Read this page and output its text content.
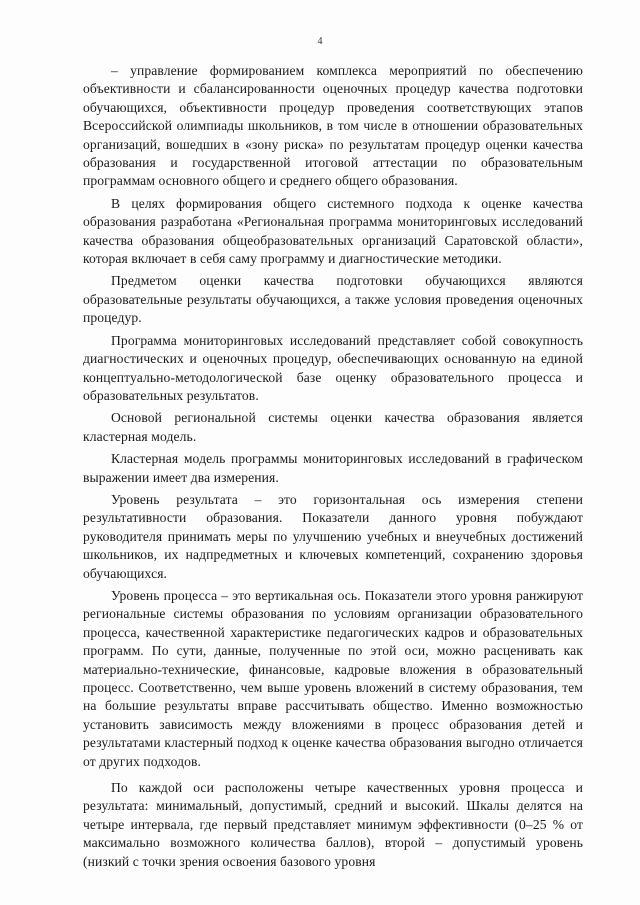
4

– управление формированием комплекса мероприятий по обеспечению объективности и сбалансированности оценочных процедур качества подготовки обучающихся, объективности процедур проведения соответствующих этапов Всероссийской олимпиады школьников, в том числе в отношении образовательных организаций, вошедших в «зону риска» по результатам процедур оценки качества образования и государственной итоговой аттестации по образовательным программам основного общего и среднего общего образования.

В целях формирования общего системного подхода к оценке качества образования разработана «Региональная программа мониторинговых исследований качества образования общеобразовательных организаций Саратовской области», которая включает в себя саму программу и диагностические методики.

Предметом оценки качества подготовки обучающихся являются образовательные результаты обучающихся, а также условия проведения оценочных процедур.

Программа мониторинговых исследований представляет собой совокупность диагностических и оценочных процедур, обеспечивающих основанную на единой концептуально-методологической базе оценку образовательного процесса и образовательных результатов.

Основой региональной системы оценки качества образования является кластерная модель.

Кластерная модель программы мониторинговых исследований в графическом выражении имеет два измерения.

Уровень результата – это горизонтальная ось измерения степени результативности образования. Показатели данного уровня побуждают руководителя принимать меры по улучшению учебных и внеучебных достижений школьников, их надпредметных и ключевых компетенций, сохранению здоровья обучающихся.

Уровень процесса – это вертикальная ось. Показатели этого уровня ранжируют региональные системы образования по условиям организации образовательного процесса, качественной характеристике педагогических кадров и образовательных программ. По сути, данные, полученные по этой оси, можно расценивать как материально-технические, финансовые, кадровые вложения в образовательный процесс. Соответственно, чем выше уровень вложений в систему образования, тем на большие результаты вправе рассчитывать общество. Именно возможностью установить зависимость между вложениями в процесс образования детей и результатами кластерный подход к оценке качества образования выгодно отличается от других подходов.

По каждой оси расположены четыре качественных уровня процесса и результата: минимальный, допустимый, средний и высокий. Шкалы делятся на четыре интервала, где первый представляет минимум эффективности (0–25 % от максимально возможного количества баллов), второй – допустимый уровень (низкий с точки зрения освоения базового уровня
